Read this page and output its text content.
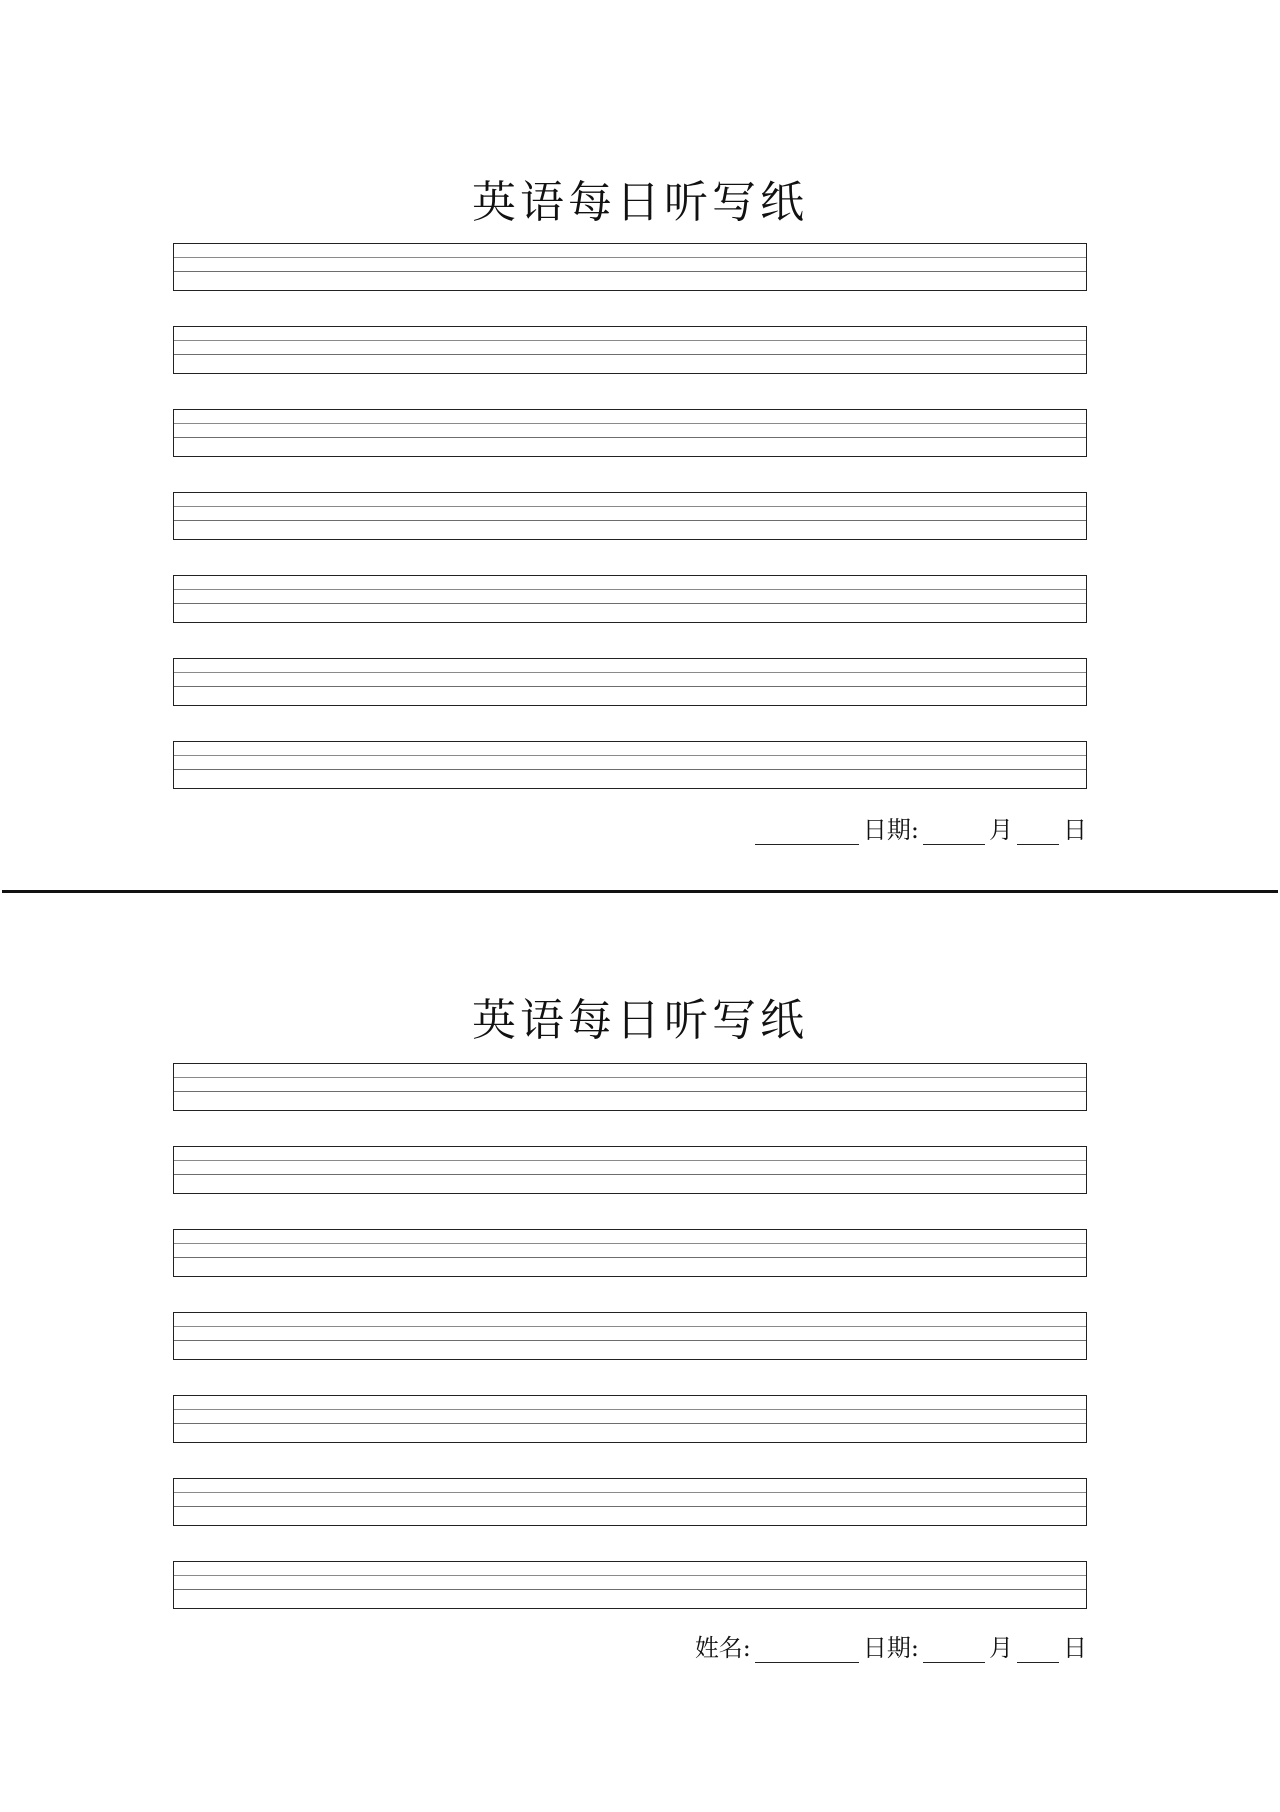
英语每日听写纸
日期:	月 日
英语每日听写纸
姓名:	日期:	月 日
